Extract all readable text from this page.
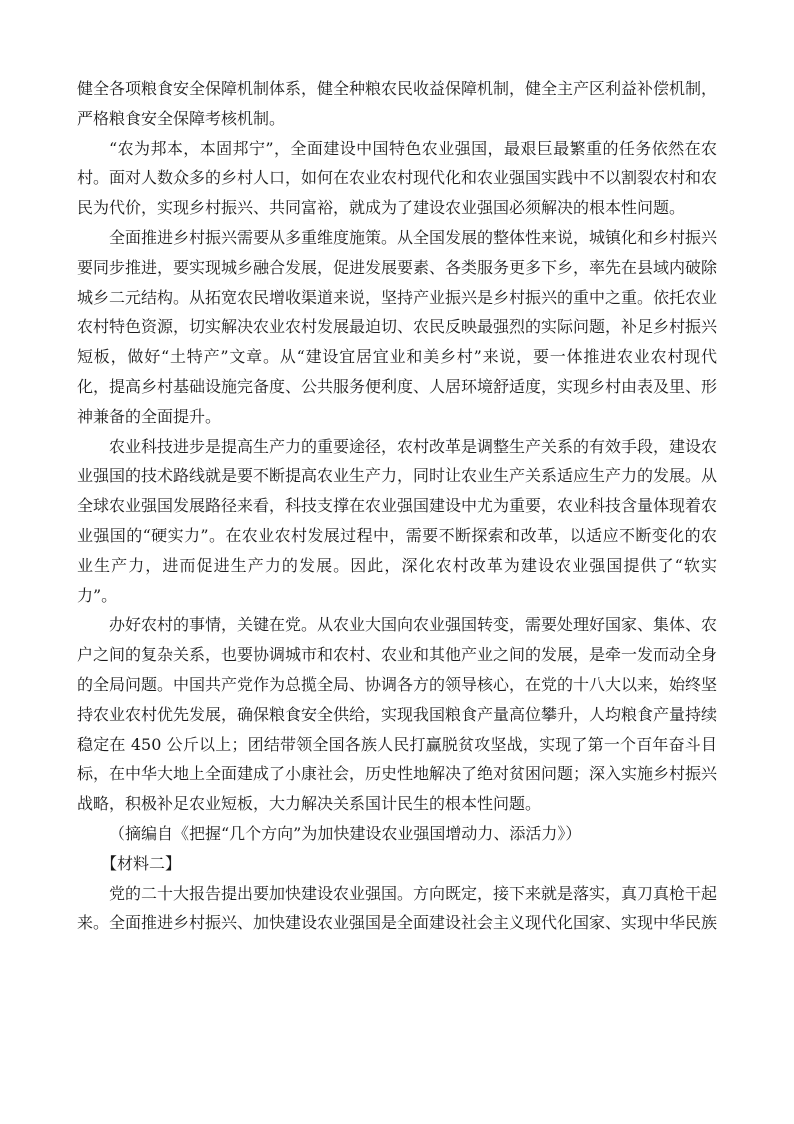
健全各项粮食安全保障机制体系，健全种粮农民收益保障机制，健全主产区利益补偿机制，严格粮食安全保障考核机制。

“农为邦本，本固邦宁”，全面建设中国特色农业强国，最艰巨最繁重的任务依然在农村。面对人数众多的乡村人口，如何在农业农村现代化和农业强国实践中不以割裂农村和农民为代价，实现乡村振兴、共同富裕，就成为了建设农业强国必须解决的根本性问题。

全面推进乡村振兴需要从多重维度施策。从全国发展的整体性来说，城镇化和乡村振兴要同步推进，要实现城乡融合发展，促进发展要素、各类服务更多下乡，率先在县域内破除城乡二元结构。从拓宽农民增收渠道来说，坚持产业振兴是乡村振兴的重中之重。依托农业农村特色资源，切实解决农业农村发展最迫切、农民反映最强烈的实际问题，补足乡村振兴短板，做好“土特产”文章。从“建设宜居宜业和美乡村”来说，要一体推进农业农村现代化，提高乡村基础设施完备度、公共服务便利度、人居环境舒适度，实现乡村由表及里、形神兼备的全面提升。

农业科技进步是提高生产力的重要途径，农村改革是调整生产关系的有效手段，建设农业强国的技术路线就是要不断提高农业生产力，同时让农业生产关系适应生产力的发展。从全球农业强国发展路径来看，科技支撑在农业强国建设中尤为重要，农业科技含量体现着农业强国的“硬实力”。在农业农村发展过程中，需要不断探索和改革，以适应不断变化的农业生产力，进而促进生产力的发展。因此，深化农村改革为建设农业强国提供了“软实力”。

办好农村的事情，关键在党。从农业大国向农业强国转变，需要处理好国家、集体、农户之间的复杂关系，也要协调城市和农村、农业和其他产业之间的发展，是牵一发而动全身的全局问题。中国共产党作为总揽全局、协调各方的领导核心，在党的十八大以来，始终坚持农业农村优先发展，确保粮食安全供给，实现我国粮食产量高位攀升，人均粮食产量持续稳定在 450 公斤以上；团结带领全国各族人民打赢脱贫攻坚战，实现了第一个百年奋斗目标，在中华大地上全面建成了小康社会，历史性地解决了绝对贫困问题；深入实施乡村振兴战略，积极补足农业短板，大力解决关系国计民生的根本性问题。

（摘编自《把握“几个方向”为加快建设农业强国增动力、添活力》）

【材料二】

党的二十大报告提出要加快建设农业强国。方向既定，接下来就是落实，真刀真枪干起来。全面推进乡村振兴、加快建设农业强国是全面建设社会主义现代化国家、实现中华民族
